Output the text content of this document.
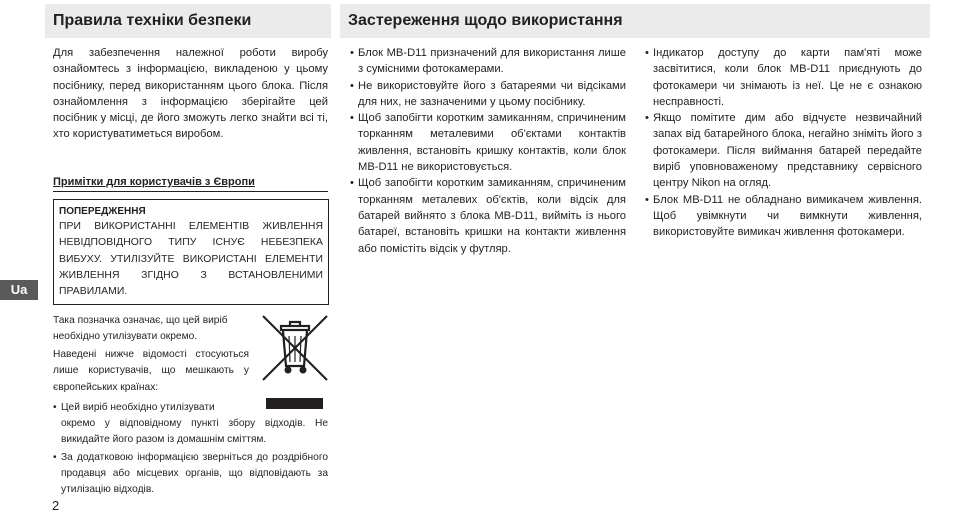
Правила техніки безпеки	Застереження щодо використання
Ua

Для забезпечення належної роботи виробу ознайомтесь з інформацією, викладеною у цьому посібнику, перед використанням цього блока. Після ознайомлення з інформацією зберігайте цей посібник у місці, де його зможуть легко знайти всі ті, хто користуватиметься виробом.

Примітки для користувачів з Європи
ПОПЕРЕДЖЕННЯ
ПРИ ВИКОРИСТАННІ ЕЛЕМЕНТІВ ЖИВЛЕННЯ НЕВІДПОВІДНОГО ТИПУ ІСНУЄ НЕБЕЗПЕКА ВИБУХУ. УТИЛІЗУЙТЕ ВИКОРИСТАНІ ЕЛЕМЕНТИ ЖИВЛЕННЯ ЗГІДНО З ВСТАНОВЛЕНИМИ ПРАВИЛАМИ.

Така позначка означає, що цей виріб необхідно утилізувати окремо.

Наведені нижче відомості стосуються лише користувачів, що мешкають у європейських країнах:

• Цей виріб необхідно утилізувати
окремо у відповідному пункті збору відходів. Не викидайте його разом із домашнім сміттям.
• За додатковою інформацією зверніться до роздрібного продавця або місцевих органів, що відповідають за утилізацію відходів.
• Блок MB-D11 призначений для використання лише з сумісними фотокамерами.
• Не використовуйте його з батареями чи відсіками для них, не зазначеними у цьому посібнику.
• Щоб запобігти коротким замиканням, спричиненим торканням металевими об'єктами контактів живлення, встановіть кришку контактів, коли блок MB-D11 не використовується.
• Щоб запобігти коротким замиканням, спричиненим торканням металевих об'єктів, коли відсік для батарей вийнято з блока MB-D11, вийміть із нього батареї, встановіть кришки на контакти живлення або помістіть відсік у футляр.
• Індикатор доступу до карти пам'яті може засвітитися, коли блок MB-D11 приєднують до фотокамери чи знімають із неї. Це не є ознакою несправності.
• Якщо помітите дим або відчуєте незвичайний запах від батарейного блока, негайно зніміть його з фотокамери. Після виймання батарей передайте виріб уповноваженому представнику сервісного центру Nikon на огляд.
• Блок MB-D11 не обладнано вимикачем живлення. Щоб увімкнути чи вимкнути живлення, використовуйте вимикач живлення фотокамери.
2
